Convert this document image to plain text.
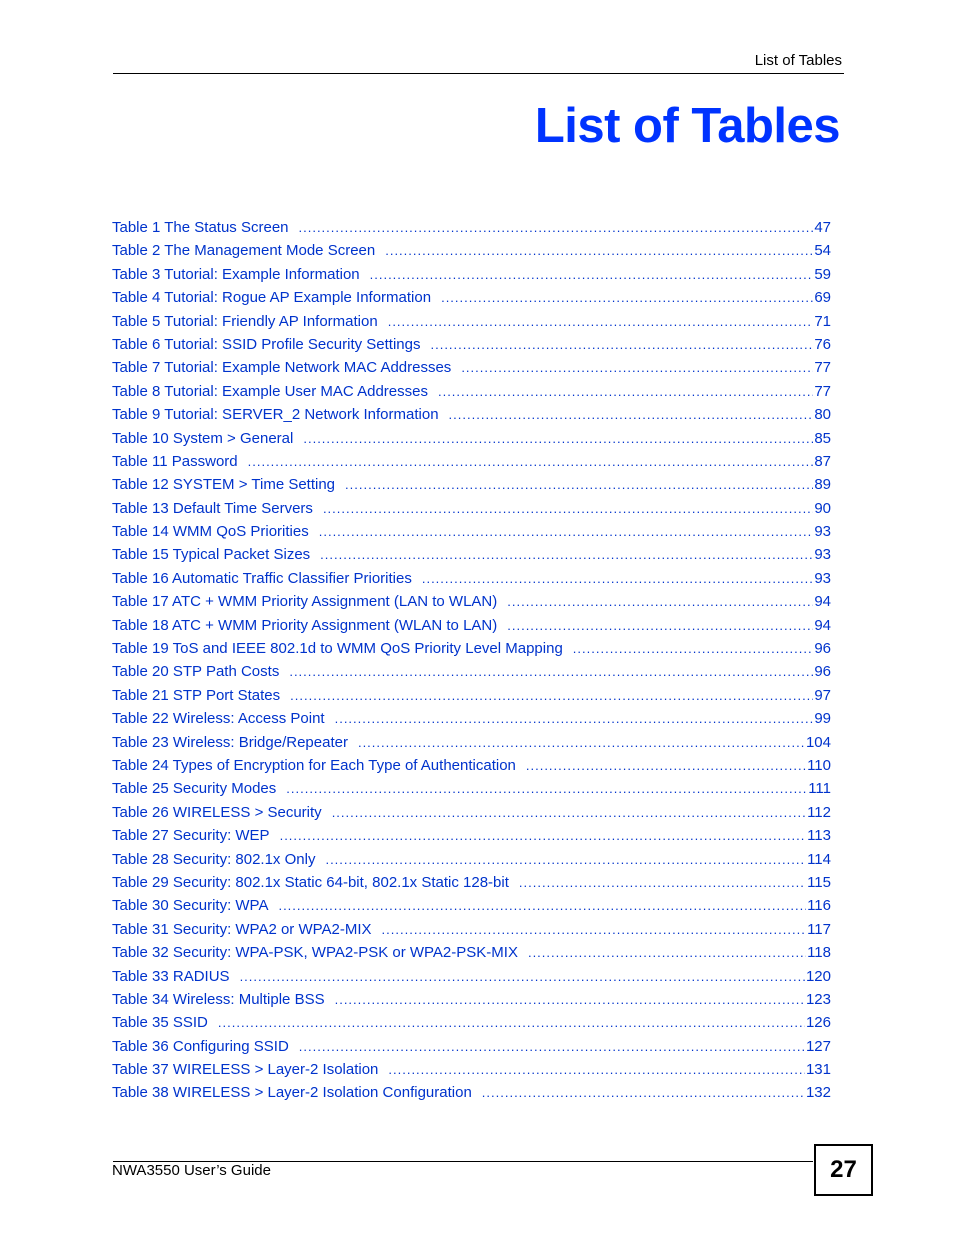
List of Tables
List of Tables
Table 1 The Status Screen .....	47
Table 2 The Management Mode Screen .....	54
Table 3 Tutorial: Example Information .....	59
Table 4 Tutorial: Rogue AP Example Information .....	69
Table 5 Tutorial: Friendly AP Information .....	71
Table 6 Tutorial: SSID Profile Security Settings .....	76
Table 7 Tutorial: Example Network MAC Addresses .....	77
Table 8 Tutorial: Example User MAC Addresses .....	77
Table 9 Tutorial: SERVER_2 Network Information .....	80
Table 10 System > General .....	85
Table 11 Password .....	87
Table 12 SYSTEM > Time Setting .....	89
Table 13 Default Time Servers .....	90
Table 14 WMM QoS Priorities .....	93
Table 15 Typical Packet Sizes .....	93
Table 16 Automatic Traffic Classifier Priorities .....	93
Table 17 ATC + WMM Priority Assignment (LAN to WLAN) .....	94
Table 18 ATC + WMM Priority Assignment (WLAN to LAN) .....	94
Table 19 ToS and IEEE 802.1d to WMM QoS Priority Level Mapping .....	96
Table 20 STP Path Costs .....	96
Table 21 STP Port States .....	97
Table 22 Wireless: Access Point .....	99
Table 23 Wireless: Bridge/Repeater .....	104
Table 24 Types of Encryption for Each Type of Authentication .....	110
Table 25 Security Modes .....	111
Table 26 WIRELESS > Security .....	112
Table 27 Security: WEP .....	113
Table 28 Security: 802.1x Only .....	114
Table 29 Security: 802.1x Static 64-bit, 802.1x Static 128-bit .....	115
Table 30 Security: WPA .....	116
Table 31 Security: WPA2 or WPA2-MIX .....	117
Table 32 Security: WPA-PSK, WPA2-PSK or WPA2-PSK-MIX .....	118
Table 33 RADIUS .....	120
Table 34 Wireless: Multiple BSS .....	123
Table 35 SSID .....	126
Table 36 Configuring SSID .....	127
Table 37 WIRELESS > Layer-2 Isolation .....	131
Table 38 WIRELESS > Layer-2 Isolation Configuration .....	132
NWA3550 User’s Guide	27
